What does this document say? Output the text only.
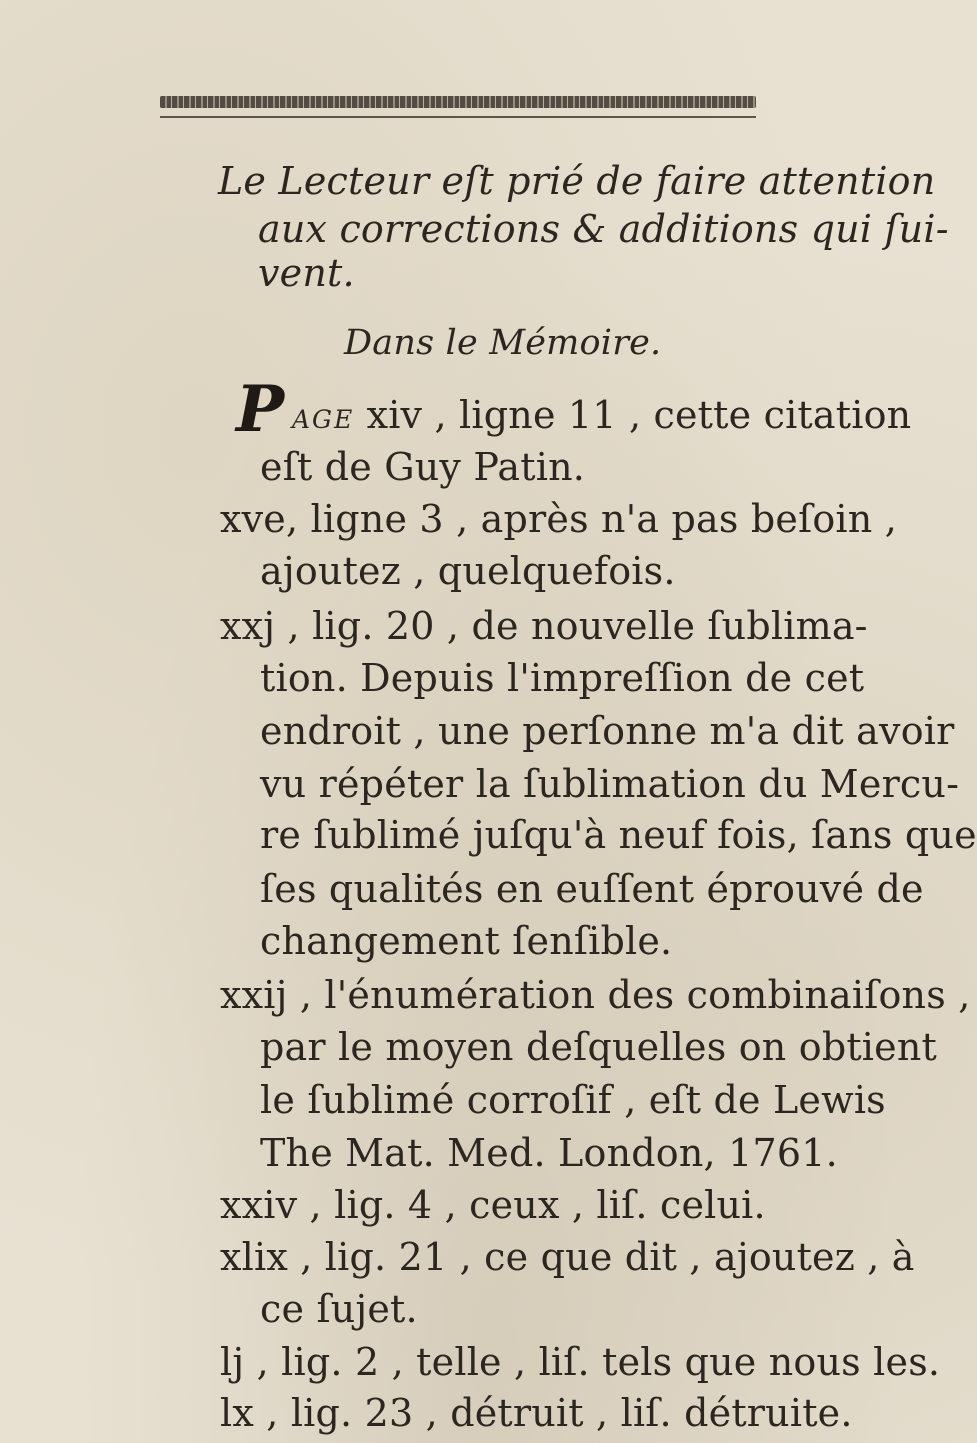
Le Lecteur eſt prié de faire attention
aux corrections & additions qui ſui-
vent.
Dans le Mémoire.
P AGE xiv , ligne 11 , cette citation
eſt de Guy Patin.
xve, ligne 3 , après n'a pas beſoin ,
ajoutez , quelquefois.
xxj , lig. 20 , de nouvelle ſublima-
tion. Depuis l'impreſſion de cet
endroit , une perſonne m'a dit avoir
vu répéter la ſublimation du Mercu-
re ſublimé juſqu'à neuf fois, ſans que
ſes qualités en euſſent éprouvé de
changement ſenſible.
xxij , l'énumération des combinaiſons ,
par le moyen deſquelles on obtient
le ſublimé corroſif , eſt de Lewis
The Mat. Med. London, 1761.
xxiv , lig. 4 , ceux , liſ. celui.
xlix , lig. 21 , ce que dit , ajoutez , à
ce ſujet.
lj , lig. 2 , telle , liſ. tels que nous les.
lx , lig. 23 , détruit , liſ. détruite.
